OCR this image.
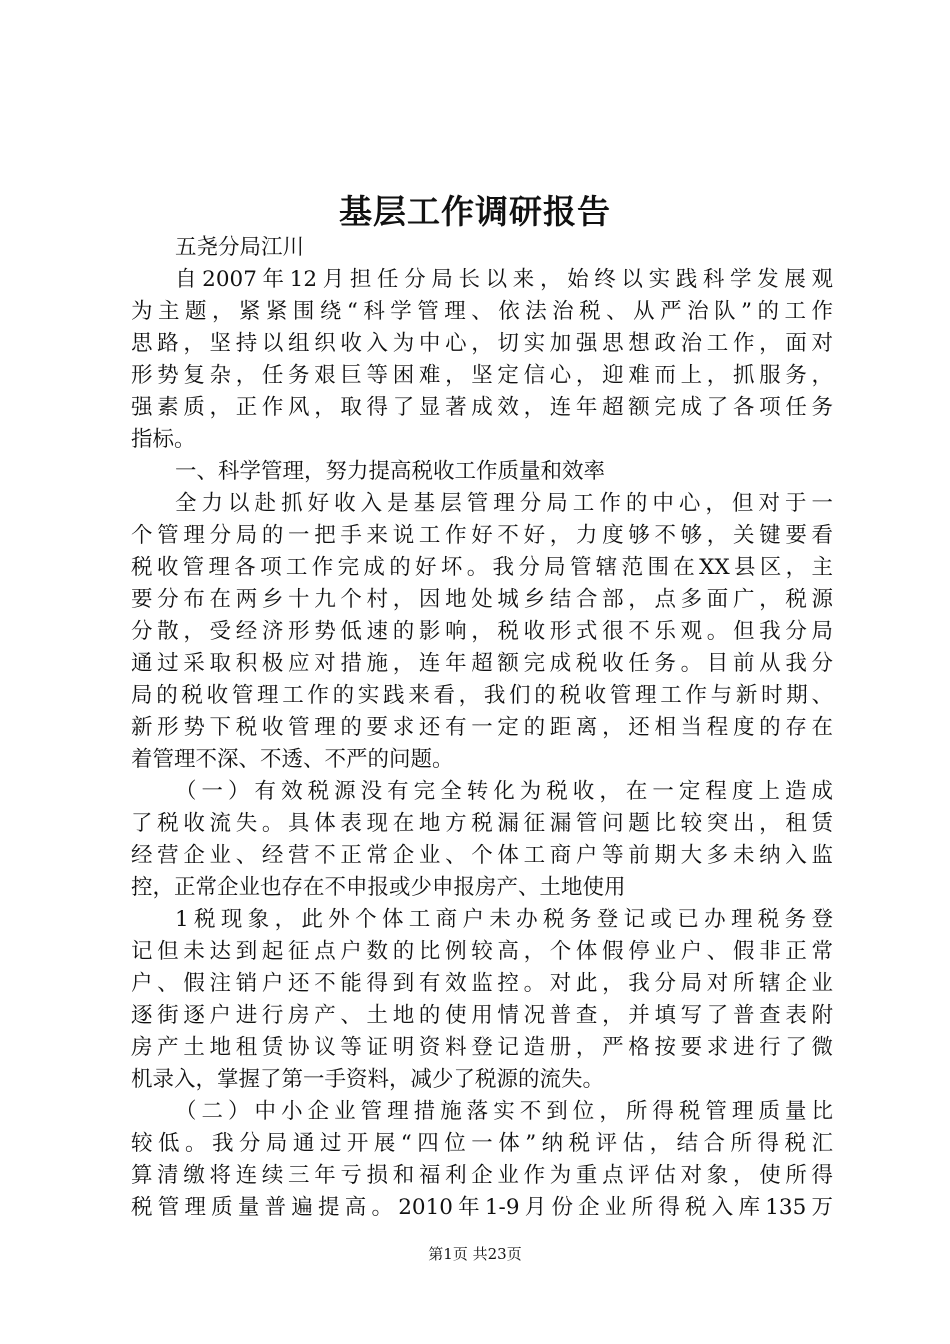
基层工作调研报告
五尧分局江川
自2007年12月担任分局长以来，始终以实践科学发展观
为主题，紧紧围绕“科学管理、依法治税、从严治队”的工作
思路，坚持以组织收入为中心，切实加强思想政治工作，面对
形势复杂，任务艰巨等困难，坚定信心，迎难而上，抓服务，
强素质，正作风，取得了显著成效，连年超额完成了各项任务
指标。
一、科学管理，努力提高税收工作质量和效率
全力以赴抓好收入是基层管理分局工作的中心，但对于一
个管理分局的一把手来说工作好不好，力度够不够，关键要看
税收管理各项工作完成的好坏。我分局管辖范围在XX县区，主
要分布在两乡十九个村，因地处城乡结合部，点多面广，税源
分散，受经济形势低速的影响，税收形式很不乐观。但我分局
通过采取积极应对措施，连年超额完成税收任务。目前从我分
局的税收管理工作的实践来看，我们的税收管理工作与新时期、
新形势下税收管理的要求还有一定的距离，还相当程度的存在
着管理不深、不透、不严的问题。
（一）有效税源没有完全转化为税收，在一定程度上造成
了税收流失。具体表现在地方税漏征漏管问题比较突出，租赁
经营企业、经营不正常企业、个体工商户等前期大多未纳入监
控，正常企业也存在不申报或少申报房产、土地使用
1税现象，此外个体工商户未办税务登记或已办理税务登
记但未达到起征点户数的比例较高，个体假停业户、假非正常
户、假注销户还不能得到有效监控。对此，我分局对所辖企业
逐街逐户进行房产、土地的使用情况普查，并填写了普查表附
房产土地租赁协议等证明资料登记造册，严格按要求进行了微
机录入，掌握了第一手资料，减少了税源的流失。
（二）中小企业管理措施落实不到位，所得税管理质量比
较低。我分局通过开展“四位一体”纳税评估，结合所得税汇
算清缴将连续三年亏损和福利企业作为重点评估对象，使所得
税管理质量普遍提高。2010年1-9月份企业所得税入库135万
第1页 共23页
